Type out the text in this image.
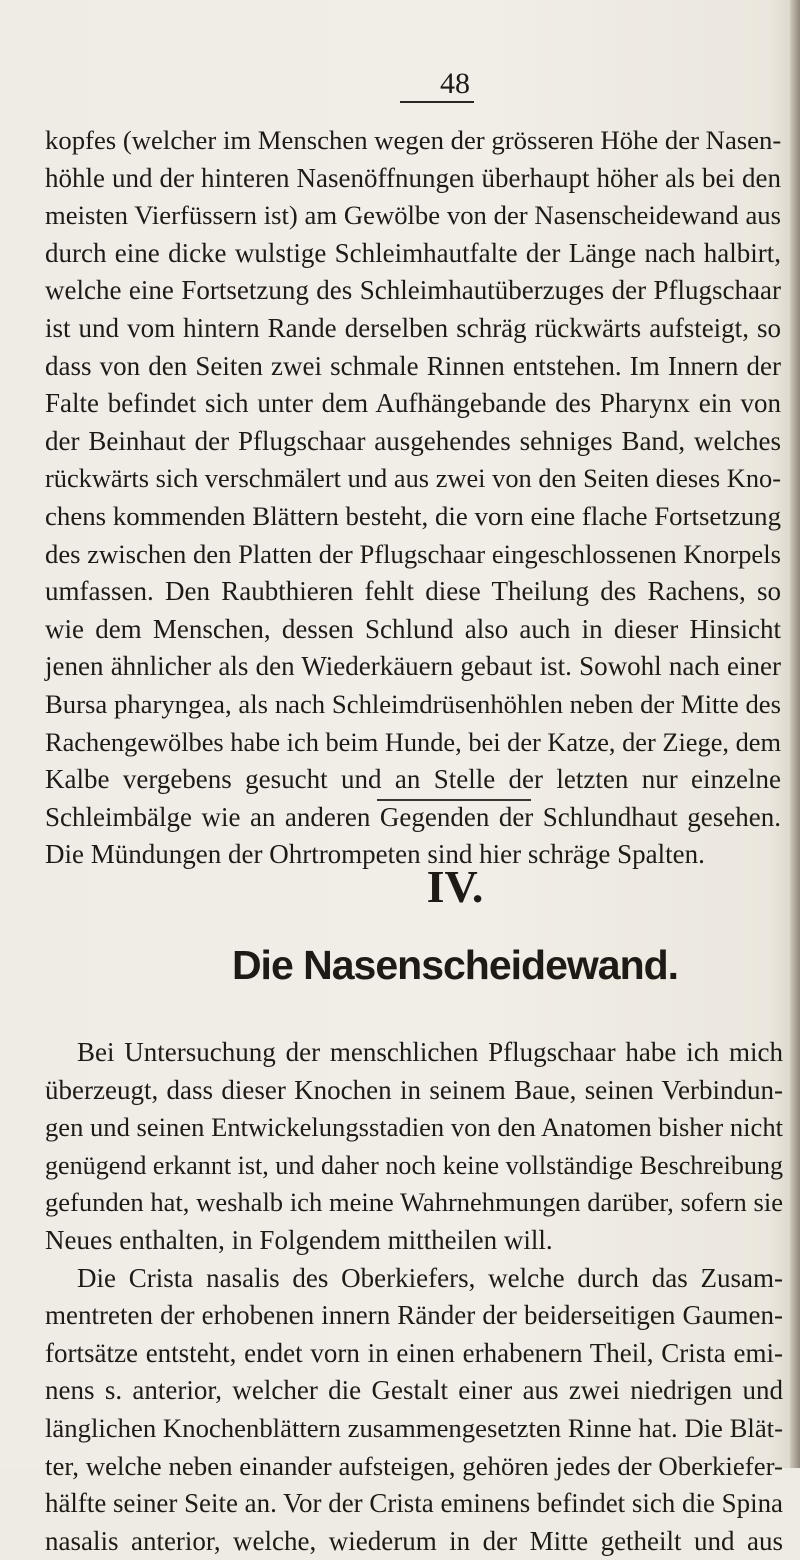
48

kopfes (welcher im Menschen wegen der grösseren Höhe der Nasen-
höhle und der hinteren Nasenöffnungen überhaupt höher als bei den
meisten Vierfüssern ist) am Gewölbe von der Nasenscheidewand aus
durch eine dicke wulstige Schleimhautfalte der Länge nach halbirt,
welche eine Fortsetzung des Schleimhautüberzuges der Pflugschaar
ist und vom hintern Rande derselben schräg rückwärts aufsteigt, so
dass von den Seiten zwei schmale Rinnen entstehen. Im Innern der
Falte befindet sich unter dem Aufhängebande des Pharynx ein von
der Beinhaut der Pflugschaar ausgehendes sehniges Band, welches
rückwärts sich verschmälert und aus zwei von den Seiten dieses Kno-
chens kommenden Blättern besteht, die vorn eine flache Fortsetzung
des zwischen den Platten der Pflugschaar eingeschlossenen Knorpels
umfassen. Den Raubthieren fehlt diese Theilung des Rachens, so
wie dem Menschen, dessen Schlund also auch in dieser Hinsicht
jenen ähnlicher als den Wiederkäuern gebaut ist. Sowohl nach einer
Bursa pharyngea, als nach Schleimdrüsenhöhlen neben der Mitte des
Rachengewölbes habe ich beim Hunde, bei der Katze, der Ziege, dem
Kalbe vergebens gesucht und an Stelle der letzten nur einzelne
Schleimbälge wie an anderen Gegenden der Schlundhaut gesehen.
Die Mündungen der Ohrtrompeten sind hier schräge Spalten.

IV.
Die Nasenscheidewand.

Bei Untersuchung der menschlichen Pflugschaar habe ich mich
überzeugt, dass dieser Knochen in seinem Baue, seinen Verbindun-
gen und seinen Entwickelungsstadien von den Anatomen bisher nicht
genügend erkannt ist, und daher noch keine vollständige Beschreibung
gefunden hat, weshalb ich meine Wahrnehmungen darüber, sofern sie
Neues enthalten, in Folgendem mittheilen will.

Die Crista nasalis des Oberkiefers, welche durch das Zusam-
mentreten der erhobenen innern Ränder der beiderseitigen Gaumen-
fortsätze entsteht, endet vorn in einen erhabenern Theil, Crista emi-
nens s. anterior, welcher die Gestalt einer aus zwei niedrigen und
länglichen Knochenblättern zusammengesetzten Rinne hat. Die Blät-
ter, welche neben einander aufsteigen, gehören jedes der Oberkiefer-
hälfte seiner Seite an. Vor der Crista eminens befindet sich die Spina
nasalis anterior, welche, wiederum in der Mitte getheilt und aus
